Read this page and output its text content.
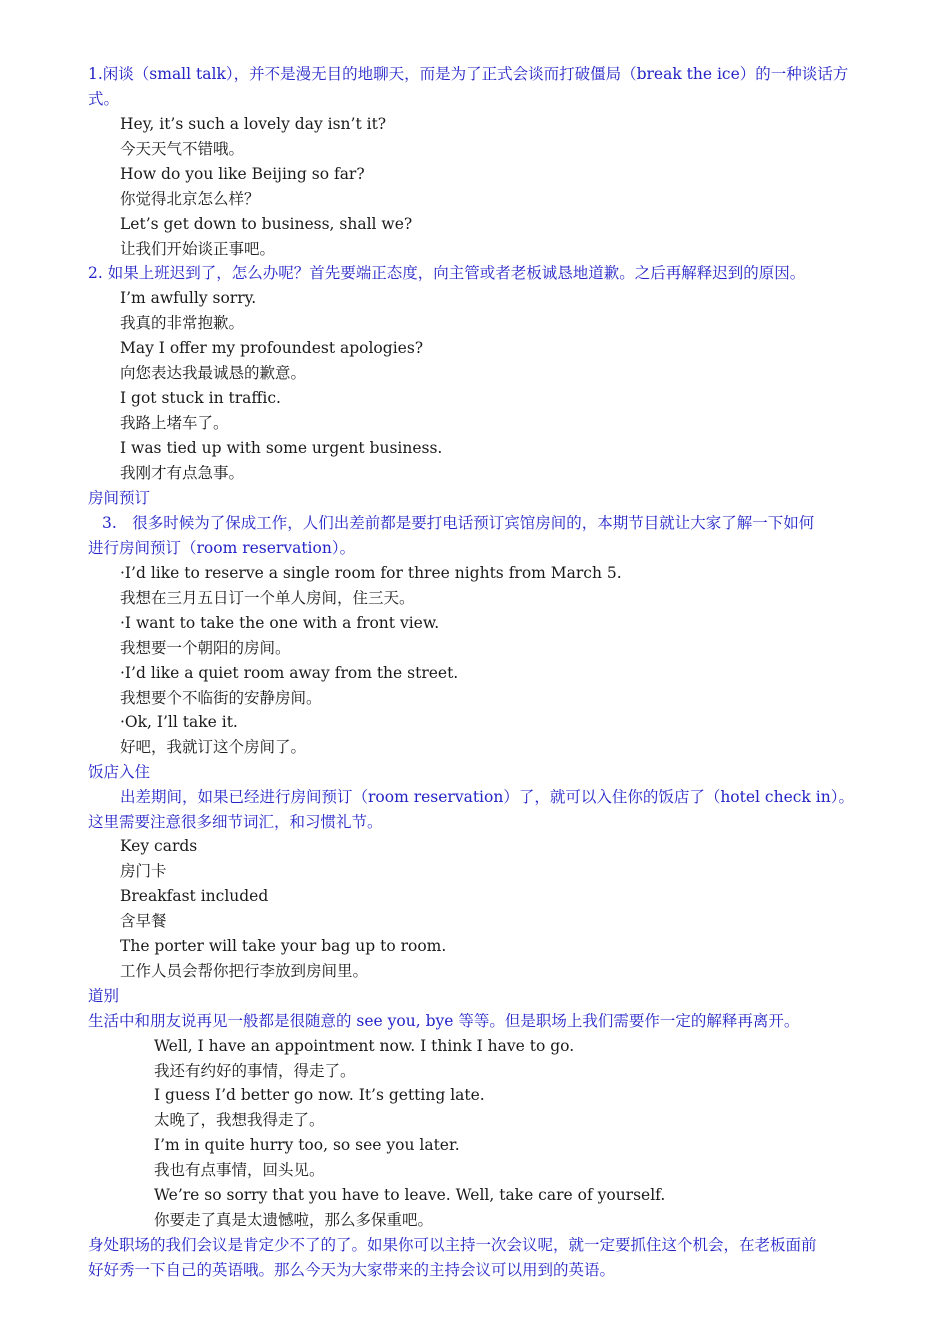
1.闲谈（small talk），并不是漫无目的地聊天，而是为了正式会谈而打破僵局（break the ice）的一种谈话方
式。
Hey, it’s such a lovely day isn’t it?
今天天气不错哦。
How do you like Beijing so far?
你觉得北京怎么样？
Let’s get down to business, shall we?
让我们开始谈正事吧。
2. 如果上班迟到了，怎么办呢？首先要端正态度，向主管或者老板诚恳地道歉。之后再解释迟到的原因。
I’m awfully sorry.
我真的非常抱歉。
May I offer my profoundest apologies?
向您表达我最诚恳的歉意。
I got stuck in traffic.
我路上堵车了。
I was tied up with some urgent business.
我刚才有点急事。
房间预订
3.　很多时候为了保成工作，人们出差前都是要打电话预订宾馆房间的，本期节目就让大家了解一下如何
进行房间预订（room reservation）。
·I’d like to reserve a single room for three nights from March 5.
我想在三月五日订一个单人房间，住三天。
·I want to take the one with a front view.
我想要一个朝阳的房间。
·I’d like a quiet room away from the street.
我想要个不临街的安静房间。
·Ok, I’ll take it.
好吧，我就订这个房间了。
饭店入住
出差期间，如果已经进行房间预订（room reservation）了，就可以入住你的饭店了（hotel check in）。
这里需要注意很多细节词汇，和习惯礼节。
Key cards
房门卡
Breakfast included
含早餐
The porter will take your bag up to room.
工作人员会帮你把行李放到房间里。
道别
生活中和朋友说再见一般都是很随意的 see you, bye 等等。但是职场上我们需要作一定的解释再离开。
Well, I have an appointment now. I think I have to go.
我还有约好的事情，得走了。
I guess I’d better go now. It’s getting late.
太晚了，我想我得走了。
I’m in quite hurry too, so see you later.
我也有点事情，回头见。
We’re so sorry that you have to leave. Well, take care of yourself.
你要走了真是太遗憾啦，那么多保重吧。
身处职场的我们会议是肯定少不了的了。如果你可以主持一次会议呢，就一定要抓住这个机会，在老板面前
好好秀一下自己的英语哦。那么今天为大家带来的主持会议可以用到的英语。
